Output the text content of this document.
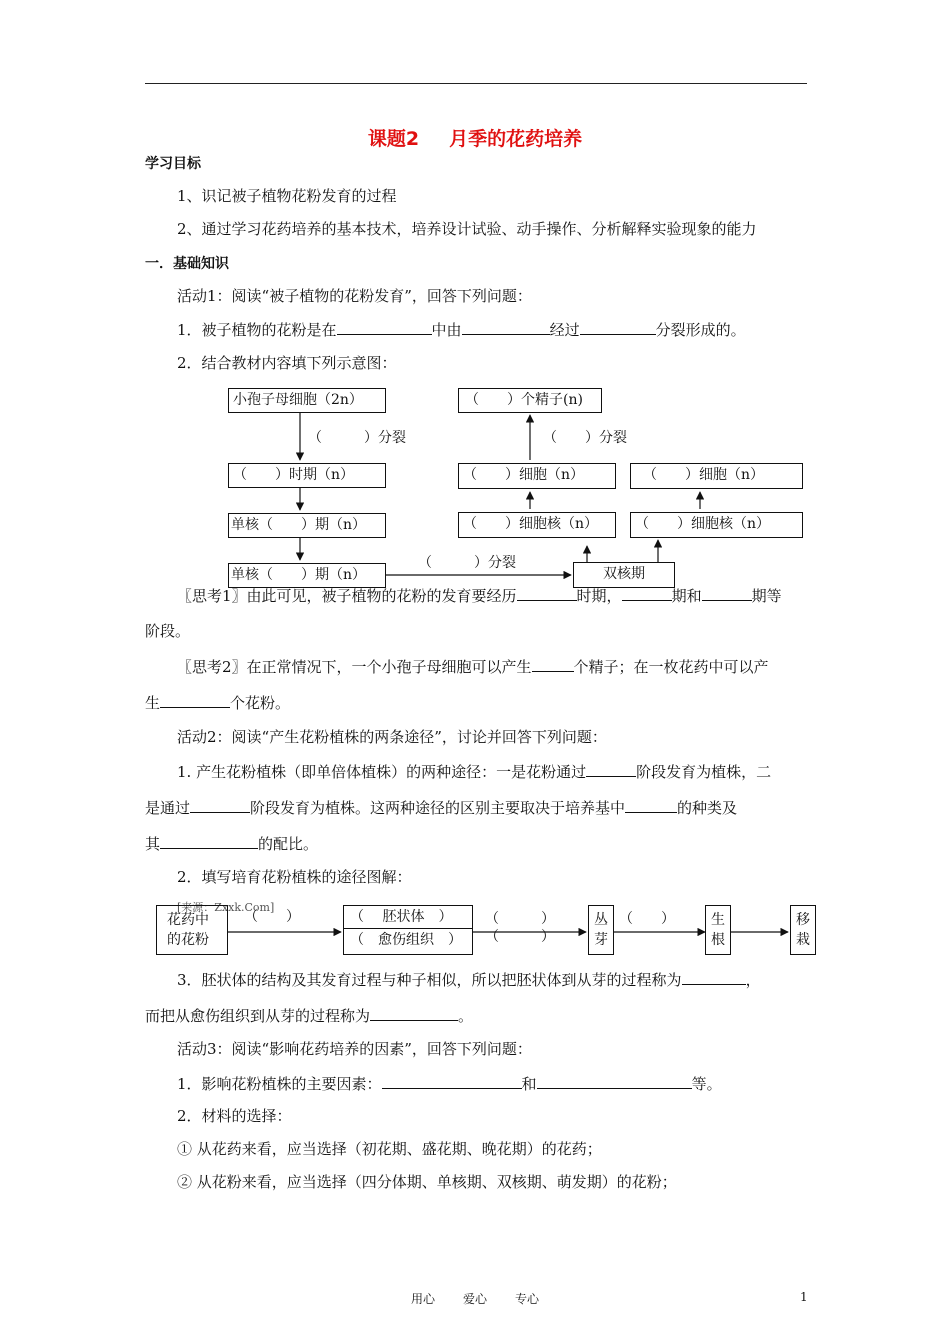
课题2 月季的花药培养
学习目标
1、识记被子植物花粉发育的过程
2、通过学习花药培养的基本技术，培养设计试验、动手操作、分析解释实验现象的能力
一．基础知识
活动1：阅读“被子植物的花粉发育”，回答下列问题：
1．被子植物的花粉是在	中由	经过	分裂形成的。
2．结合教材内容填下列示意图：
小孢子母细胞（2n）
（　　　）分裂
（　　）时期（n）
单核（　　）期（n）
单核（　　）期（n）
（　　　）分裂
双核期
（　　）细胞核（n）	（　　）细胞核（n）
（　　）细胞（n）	（　　）细胞（n）
（　　）分裂
（　　）个精子(n)
〖思考1〗由此可见，被子植物的花粉的发育要经历	时期，	期和	期等
阶段。
〖思考2〗在正常情况下，一个小孢子母细胞可以产生	个精子；在一枚花药中可以产
生	个花粉。
活动2：阅读“产生花粉植株的两条途径”，讨论并回答下列问题：
1. 产生花粉植株（即单倍体植株）的两种途径：一是花粉通过	阶段发育为植株，二
是通过	阶段发育为植株。这两种途径的区别主要取决于培养基中	的种类及
其	的配比。
2．填写培育花粉植株的途径图解：
[来源：Zxxk.Com]
花药中
的花粉
（　　）	（　 胚状体　）
（　愈伤组织　）
（　　　）
（　　　）
丛
芽
（　　）	生
根
移
栽
3．胚状体的结构及其发育过程与种子相似，所以把胚状体到从芽的过程称为	，
而把从愈伤组织到从芽的过程称为	。
活动3：阅读“影响花药培养的因素”，回答下列问题：
1．影响花粉植株的主要因素：	和	等。
2．材料的选择：
① 从花药来看，应当选择（初花期、盛花期、晚花期）的花药；
② 从花粉来看，应当选择（四分体期、单核期、双核期、萌发期）的花粉；
用心 爱心 专心	1
